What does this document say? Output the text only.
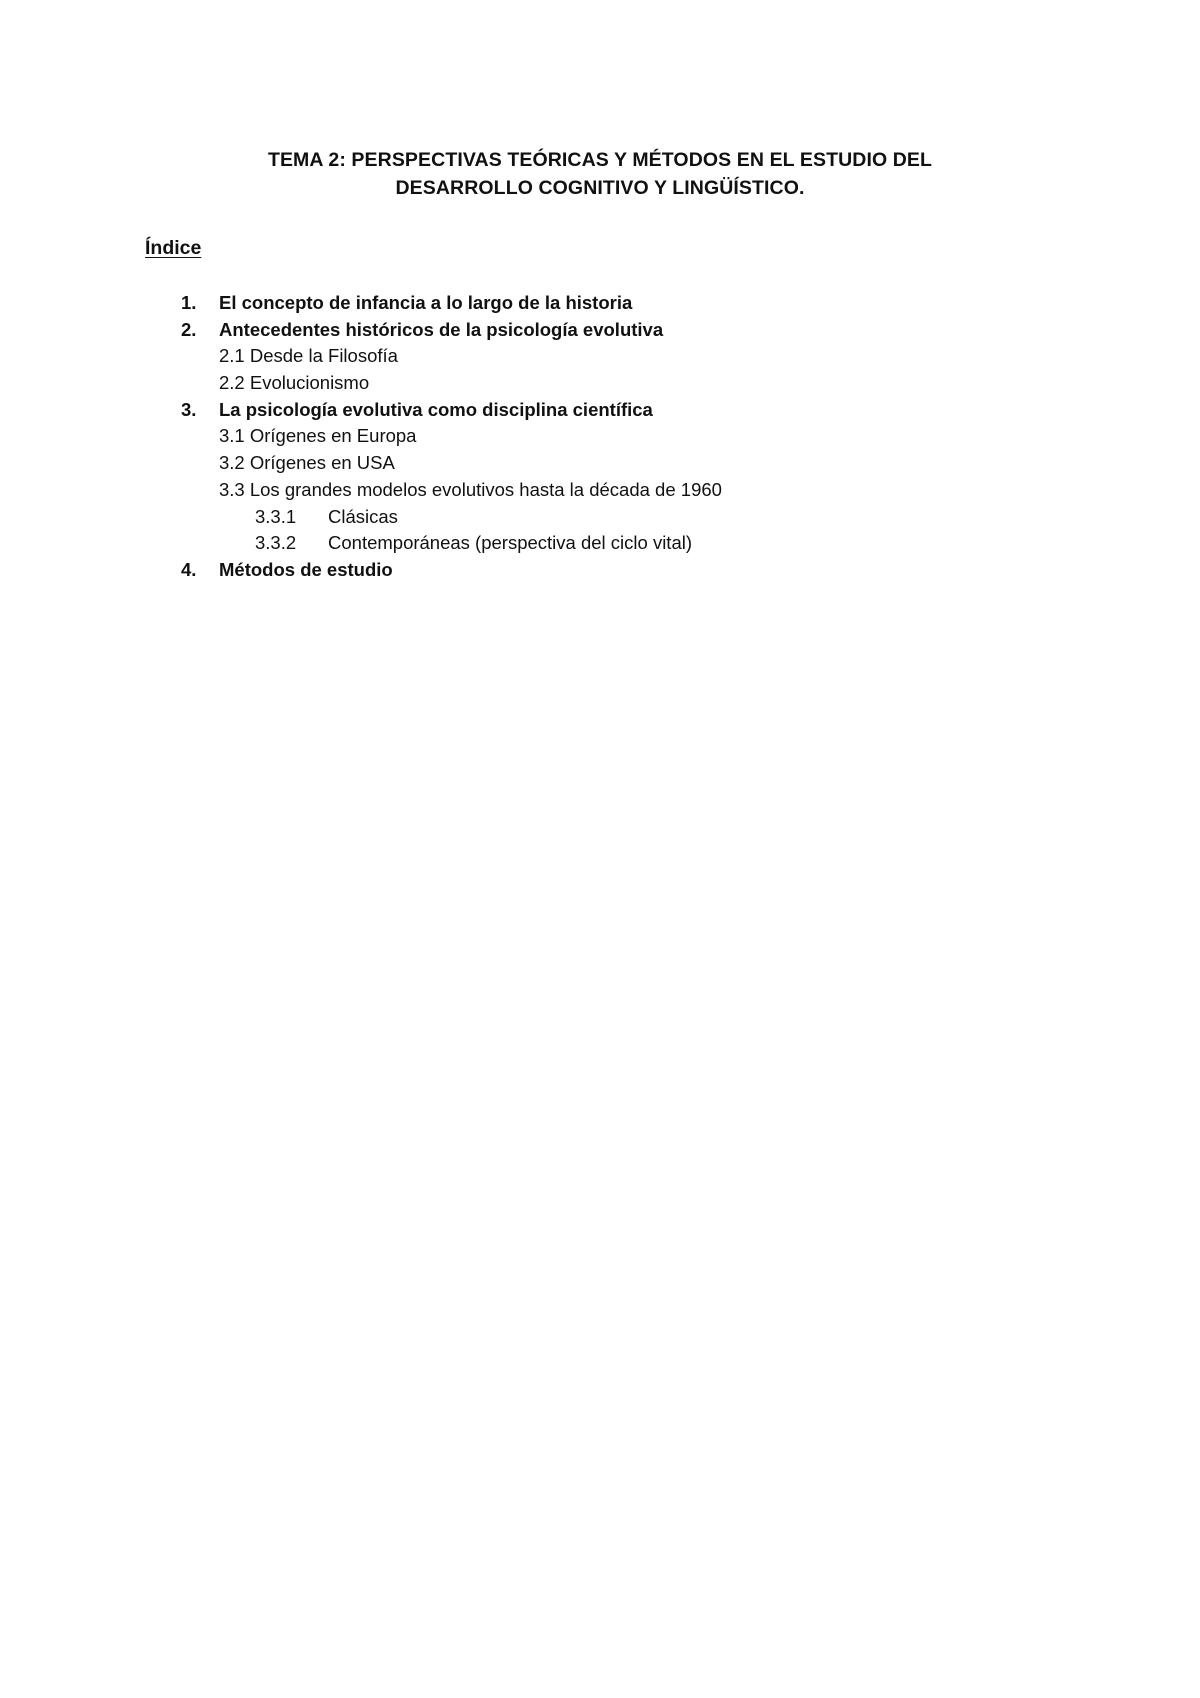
TEMA 2: PERSPECTIVAS TEÓRICAS Y MÉTODOS EN EL ESTUDIO DEL
DESARROLLO COGNITIVO Y LINGÜÍSTICO.
Índice
1. El concepto de infancia a lo largo de la historia
2. Antecedentes históricos de la psicología evolutiva
2.1 Desde la Filosofía
2.2 Evolucionismo
3. La psicología evolutiva como disciplina científica
3.1 Orígenes en Europa
3.2 Orígenes en USA
3.3 Los grandes modelos evolutivos hasta la década de 1960
3.3.1 Clásicas
3.3.2 Contemporáneas (perspectiva del ciclo vital)
4. Métodos de estudio
